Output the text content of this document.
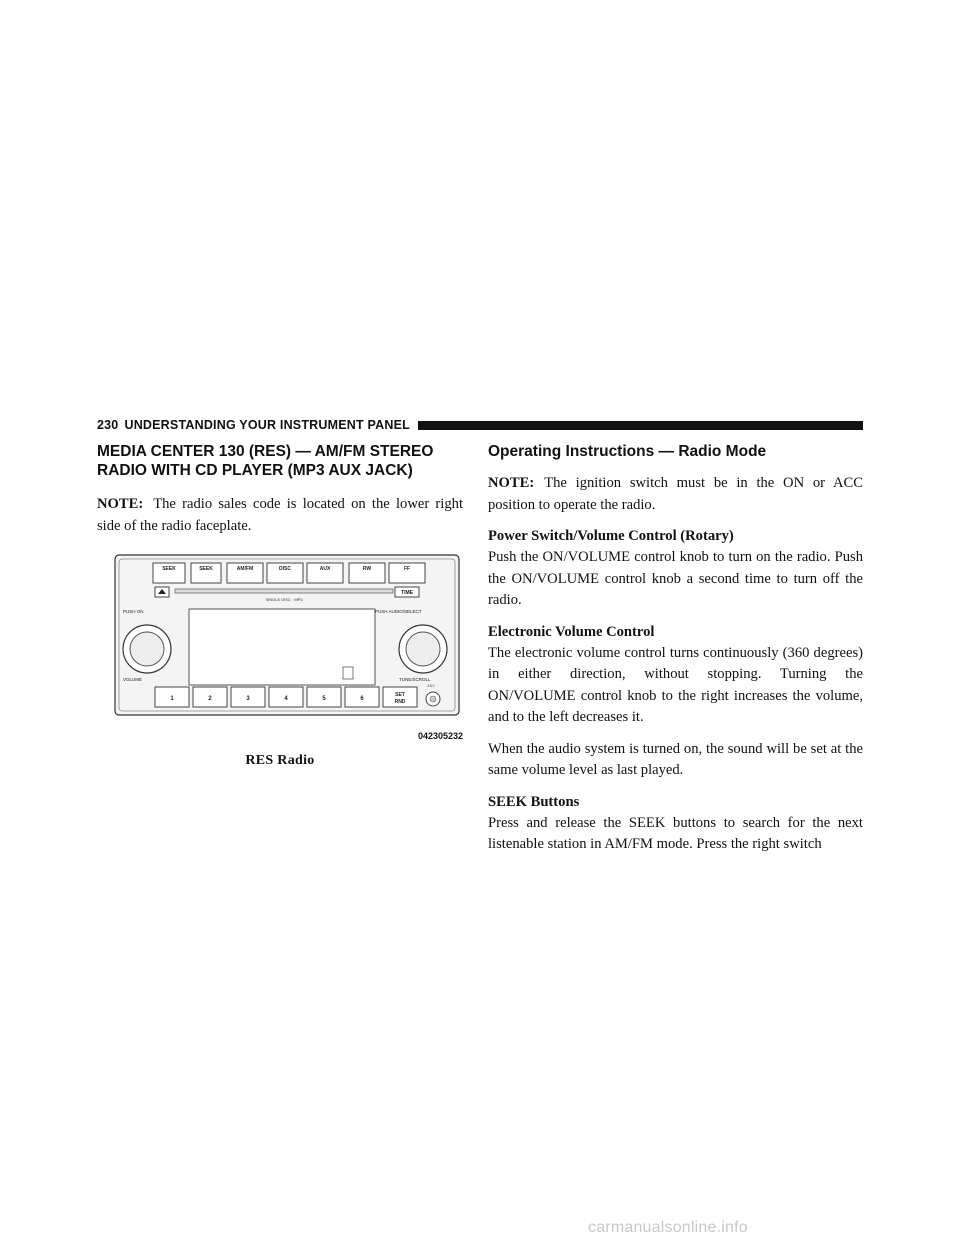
230 UNDERSTANDING YOUR INSTRUMENT PANEL
MEDIA CENTER 130 (RES) — AM/FM STEREO RADIO WITH CD PLAYER (MP3 AUX JACK)

NOTE: The radio sales code is located on the lower right side of the radio faceplate.

SEEK	SEEK	AM/FM	DISC	AUX	RW	FF
SINGLE DISC · MP3
TIME
PUSH ON
VOLUME
PUSH AUDIO/SELECT
TUNE/SCROLL
1	2	3	4	5	6
SET
RND
AUX
042305232
RES Radio
Operating Instructions — Radio Mode

NOTE: The ignition switch must be in the ON or ACC position to operate the radio.

Power Switch/Volume Control (Rotary)

Push the ON/VOLUME control knob to turn on the radio. Push the ON/VOLUME control knob a second time to turn off the radio.

Electronic Volume Control

The electronic volume control turns continuously (360 degrees) in either direction, without stopping. Turning the ON/VOLUME control knob to the right increases the volume, and to the left decreases it.

When the audio system is turned on, the sound will be set at the same volume level as last played.

SEEK Buttons

Press and release the SEEK buttons to search for the next listenable station in AM/FM mode. Press the right switch

carmanualsonline.info
